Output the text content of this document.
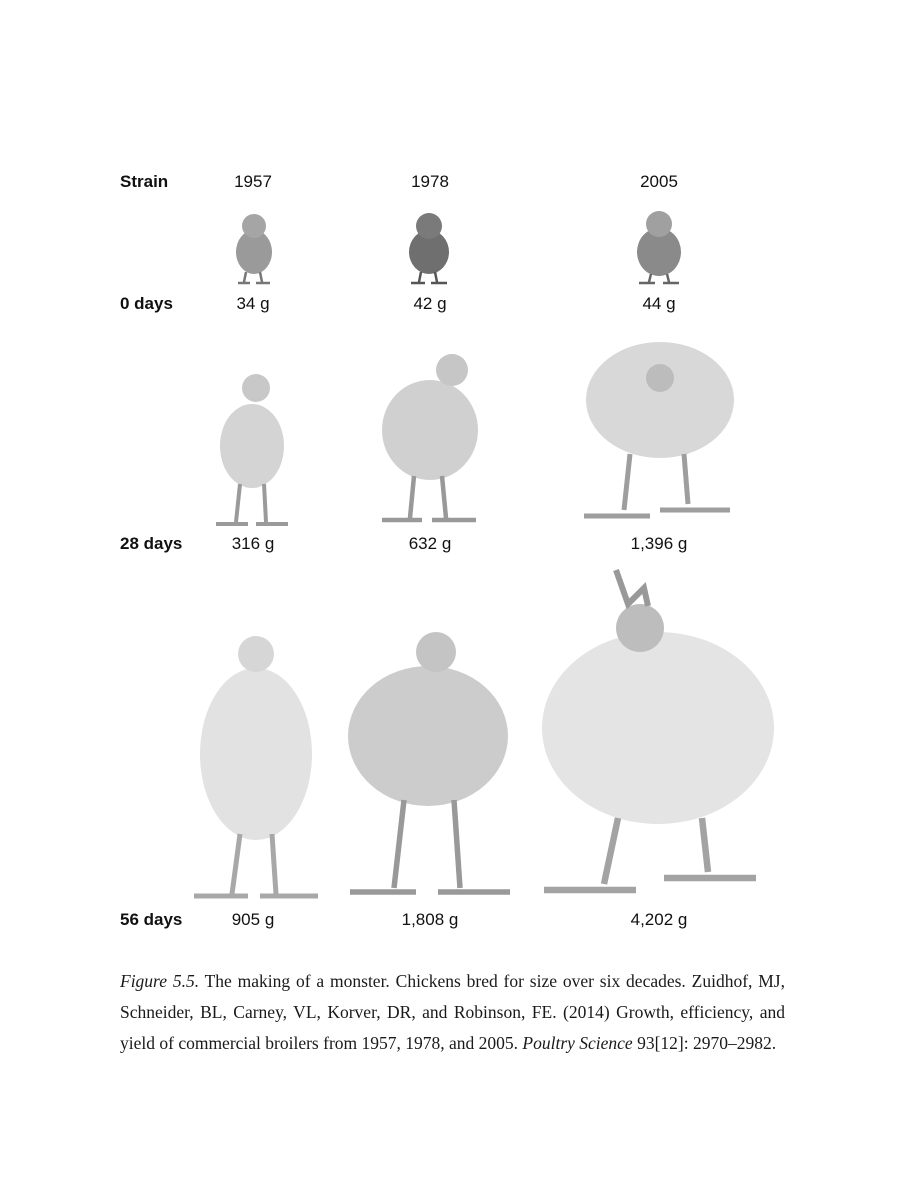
Strain	1957	1978	2005
0 days	34 g	42 g	44 g
28 days	316 g	632 g	1,396 g
56 days	905 g	1,808 g	4,202 g
Figure 5.5. The making of a monster. Chickens bred for size over six decades. Zuidhof, MJ, Schneider, BL, Carney, VL, Korver, DR, and Robinson, FE. (2014) Growth, efficiency, and yield of commercial broilers from 1957, 1978, and 2005. Poultry Science 93[12]: 2970–2982.
